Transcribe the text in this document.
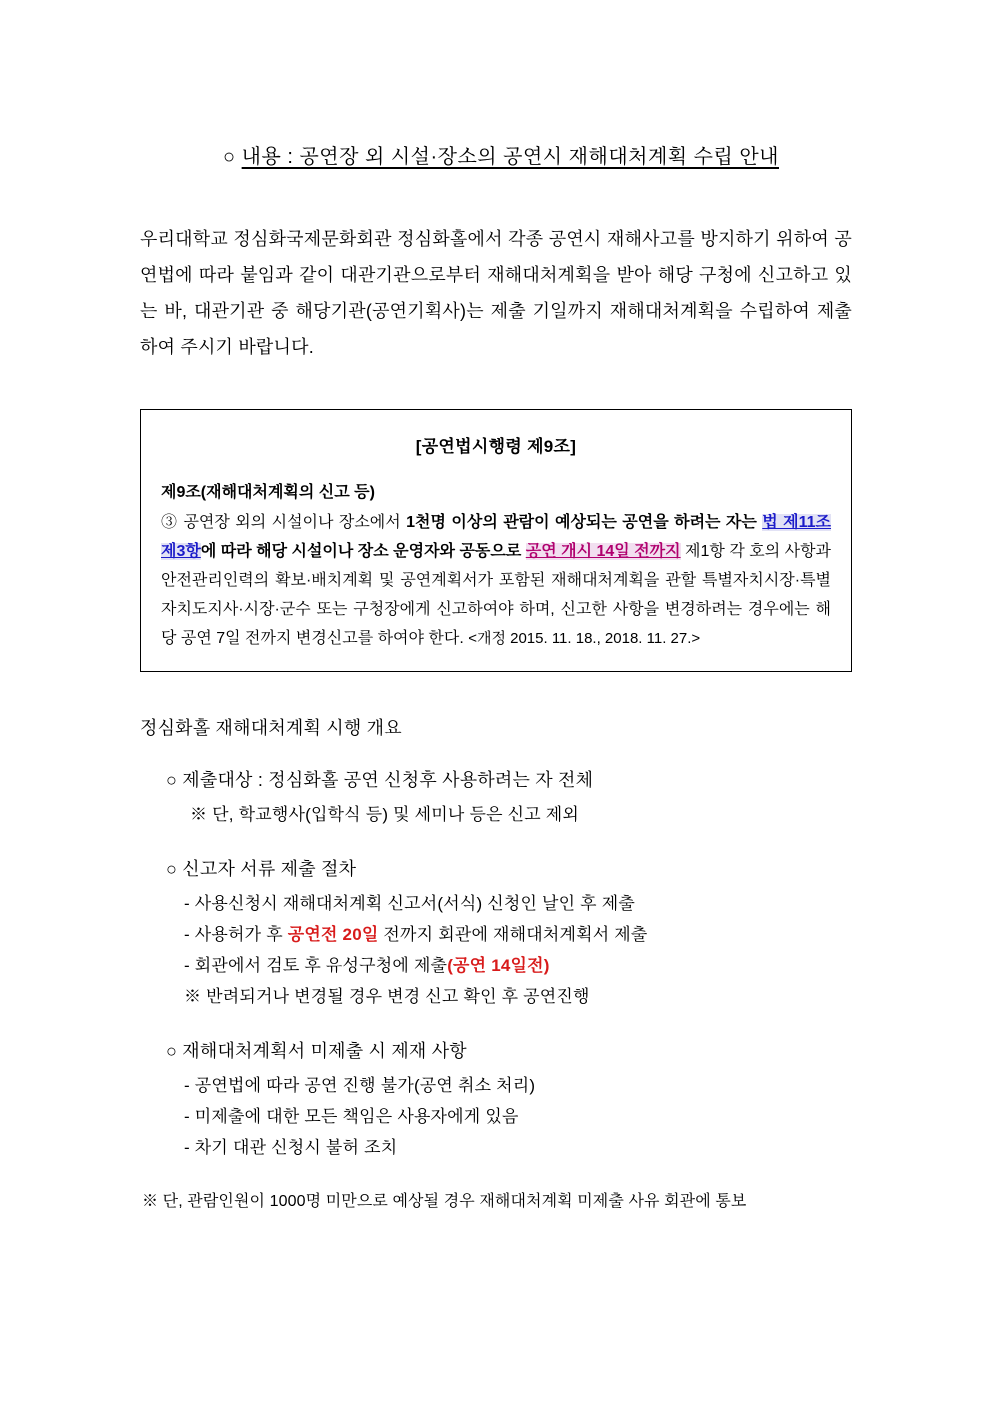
○ 내용 : 공연장 외 시설·장소의 공연시 재해대처계획 수립 안내

우리대학교 정심화국제문화회관 정심화홀에서 각종 공연시 재해사고를 방지하기 위하여 공연법에 따라 붙임과 같이 대관기관으로부터 재해대처계획을 받아 해당 구청에 신고하고 있는 바, 대관기관 중 해당기관(공연기획사)는 제출 기일까지 재해대처계획을 수립하여 제출하여 주시기 바랍니다.

[공연법시행령 제9조]
제9조(재해대처계획의 신고 등)
③ 공연장 외의 시설이나 장소에서 1천명 이상의 관람이 예상되는 공연을 하려는 자는 법 제11조 제3항에 따라 해당 시설이나 장소 운영자와 공동으로 공연 개시 14일 전까지 제1항 각 호의 사항과 안전관리인력의 확보·배치계획 및 공연계획서가 포함된 재해대처계획을 관할 특별자치시장·특별자치도지사·시장·군수 또는 구청장에게 신고하여야 하며, 신고한 사항을 변경하려는 경우에는 해당 공연 7일 전까지 변경신고를 하여야 한다. <개정 2015. 11. 18., 2018. 11. 27.>
정심화홀 재해대처계획 시행 개요
○ 제출대상 : 정심화홀 공연 신청후 사용하려는 자 전체
※ 단, 학교행사(입학식 등) 및 세미나 등은 신고 제외
○ 신고자 서류 제출 절차
- 사용신청시 재해대처계획 신고서(서식) 신청인 날인 후 제출
- 사용허가 후 공연전 20일 전까지 회관에 재해대처계획서 제출
- 회관에서 검토 후 유성구청에 제출(공연 14일전)
※ 반려되거나 변경될 경우 변경 신고 확인 후 공연진행
○ 재해대처계획서 미제출 시 제재 사항
- 공연법에 따라 공연 진행 불가(공연 취소 처리)
- 미제출에 대한 모든 책임은 사용자에게 있음
- 차기 대관 신청시 불허 조치
※ 단, 관람인원이 1000명 미만으로 예상될 경우 재해대처계획 미제출 사유 회관에 통보
